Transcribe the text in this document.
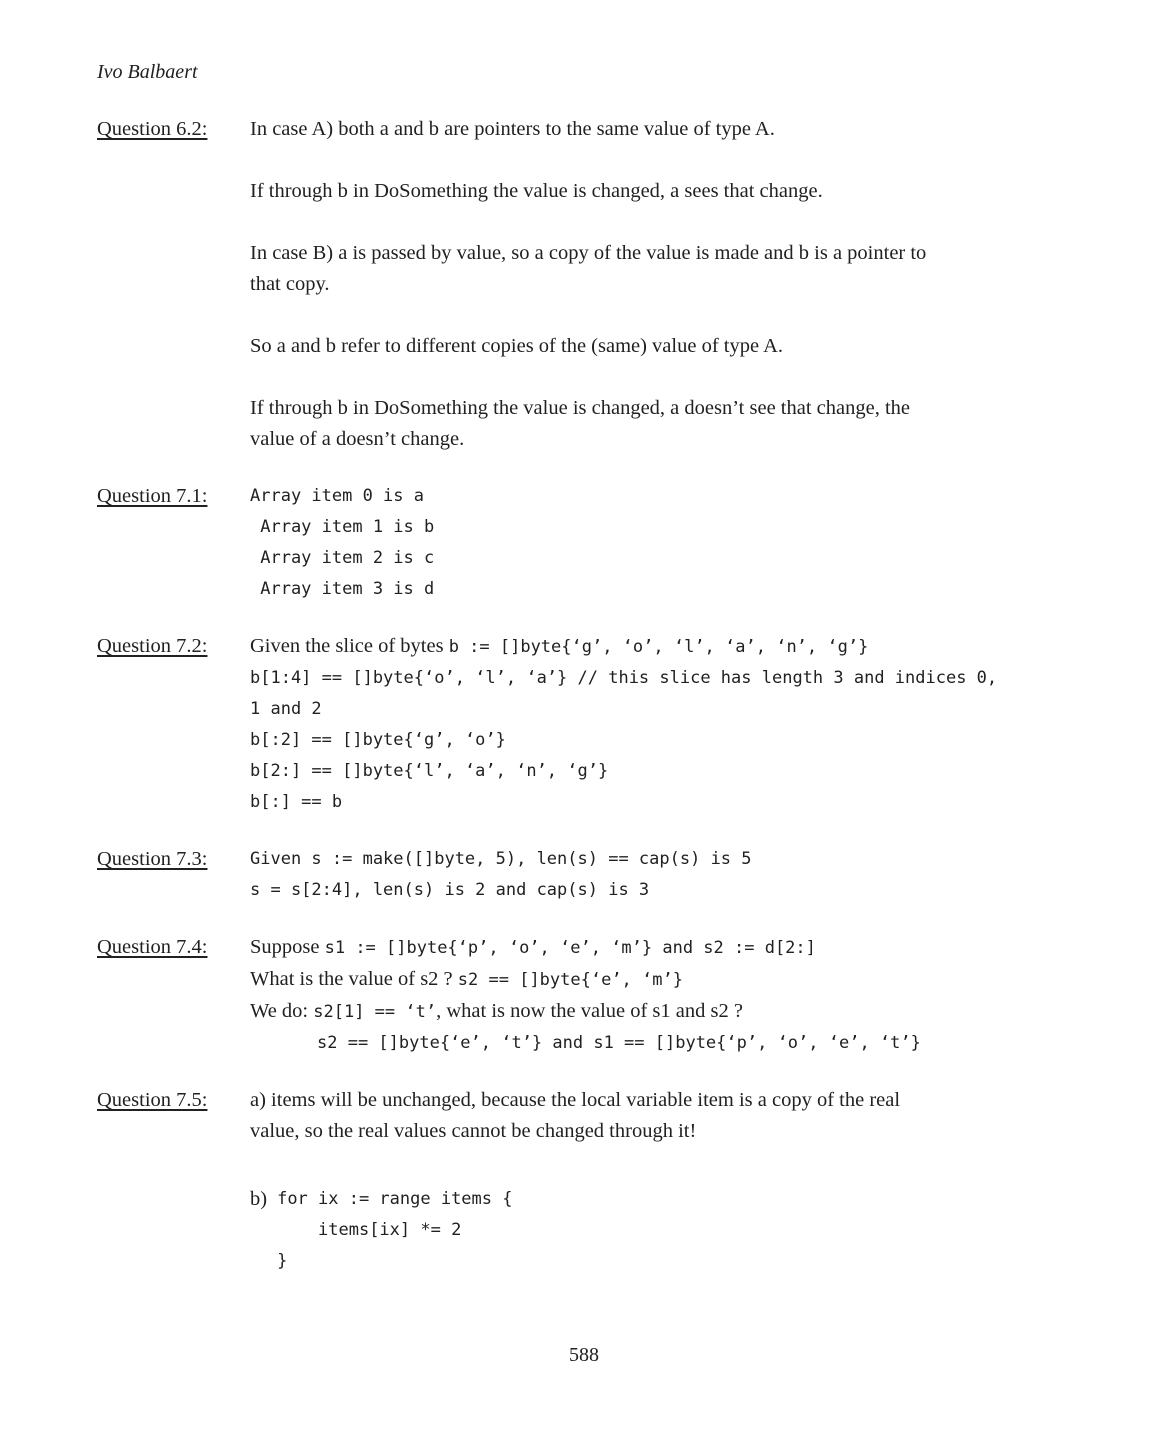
Ivo Balbaert
Question 6.2:	In case A) both a and b are pointers to the same value of type A.
If through b in DoSomething the value is changed, a sees that change.
In case B) a is passed by value, so a copy of the value is made and b is a pointer to
that copy.
So a and b refer to different copies of the (same) value of type A.
If through b in DoSomething the value is changed, a doesn’t see that change, the
value of a doesn’t change.
Question 7.1:	Array item 0 is a
Array item 1 is b
Array item 2 is c
Array item 3 is d
Question 7.2:	Given the slice of bytes b := []byte{‘g’, ‘o’, ‘l’, ‘a’, ‘n’, ‘g’}
b[1:4] == []byte{‘o’, ‘l’, ‘a’} // this slice has length 3 and indices 0,
1 and 2
b[:2] == []byte{‘g’, ‘o’}
b[2:] == []byte{‘l’, ‘a’, ‘n’, ‘g’}
b[:] == b
Question 7.3:	Given s := make([]byte, 5), len(s) == cap(s) is 5
s = s[2:4], len(s) is 2 and cap(s) is 3
Question 7.4:	Suppose s1 := []byte{‘p’, ‘o’, ‘e’, ‘m’} and s2 := d[2:]
What is the value of s2 ? s2 == []byte{‘e’, ‘m’}
We do: s2[1] == ‘t’, what is now the value of s1 and s2 ?
s2 == []byte{‘e’, ‘t’} and s1 == []byte{‘p’, ‘o’, ‘e’, ‘t’}
Question 7.5:	a) items will be unchanged, because the local variable item is a copy of the real
value, so the real values cannot be changed through it!
b) for ix := range items {
items[ix] *= 2
}
588
